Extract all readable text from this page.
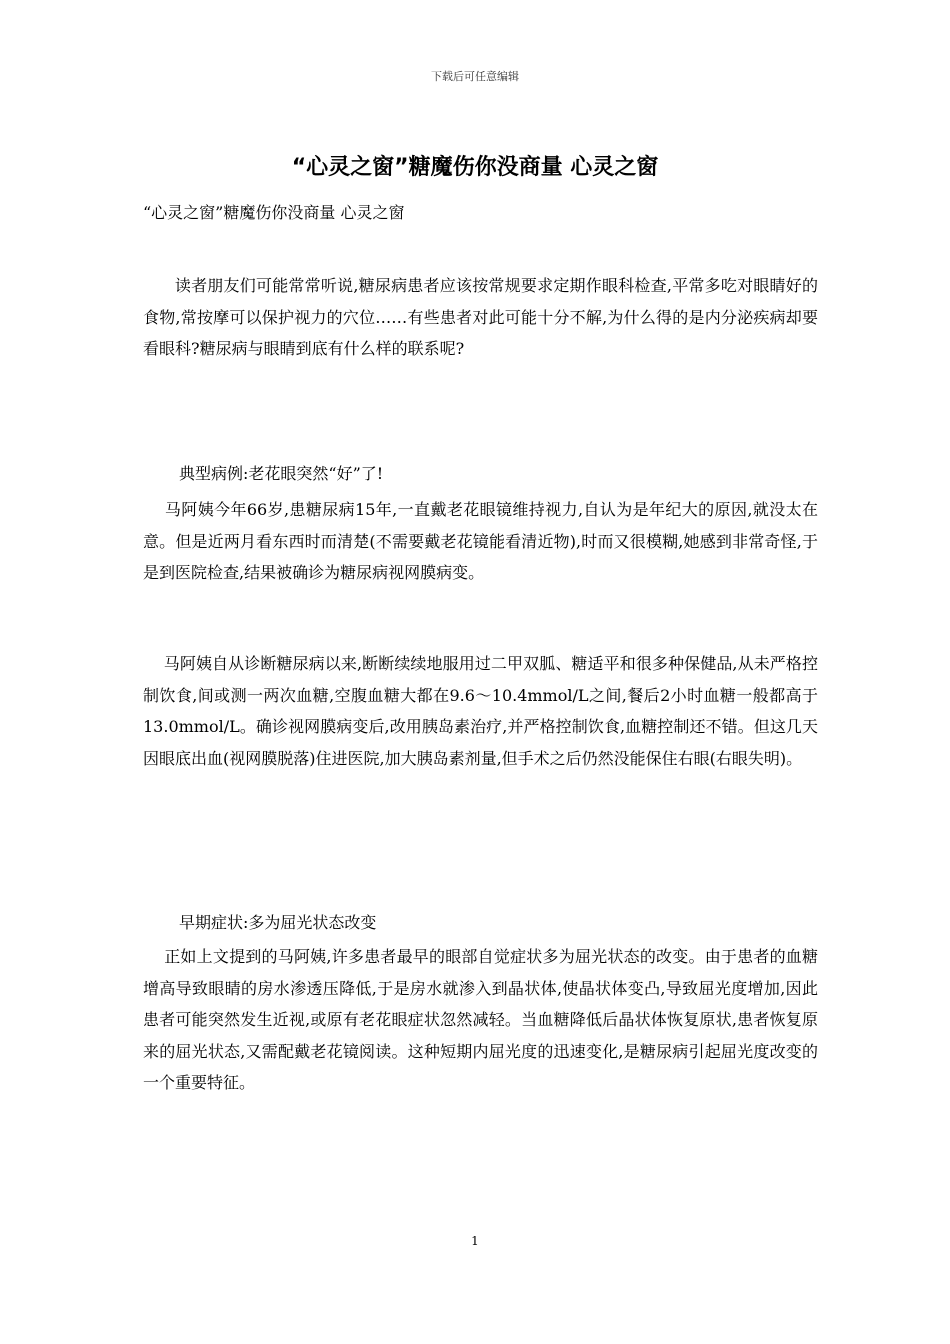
下载后可任意编辑
“心灵之窗”糖魔伤你没商量 心灵之窗
“心灵之窗”糖魔伤你没商量 心灵之窗

读者朋友们可能常常听说,糖尿病患者应该按常规要求定期作眼科检查,平常多吃对眼睛好的食物,常按摩可以保护视力的穴位……有些患者对此可能十分不解,为什么得的是内分泌疾病却要看眼科?糖尿病与眼睛到底有什么样的联系呢?

典型病例:老花眼突然“好”了!

马阿姨今年66岁,患糖尿病15年,一直戴老花眼镜维持视力,自认为是年纪大的原因,就没太在意。但是近两月看东西时而清楚(不需要戴老花镜能看清近物),时而又很模糊,她感到非常奇怪,于是到医院检查,结果被确诊为糖尿病视网膜病变。

马阿姨自从诊断糖尿病以来,断断续续地服用过二甲双胍、糖适平和很多种保健品,从未严格控制饮食,间或测一两次血糖,空腹血糖大都在9.6～10.4mmol/L之间,餐后2小时血糖一般都高于13.0mmol/L。确诊视网膜病变后,改用胰岛素治疗,并严格控制饮食,血糖控制还不错。但这几天因眼底出血(视网膜脱落)住进医院,加大胰岛素剂量,但手术之后仍然没能保住右眼(右眼失明)。

早期症状:多为屈光状态改变

正如上文提到的马阿姨,许多患者最早的眼部自觉症状多为屈光状态的改变。由于患者的血糖增高导致眼睛的房水渗透压降低,于是房水就渗入到晶状体,使晶状体变凸,导致屈光度增加,因此患者可能突然发生近视,或原有老花眼症状忽然减轻。当血糖降低后晶状体恢复原状,患者恢复原来的屈光状态,又需配戴老花镜阅读。这种短期内屈光度的迅速变化,是糖尿病引起屈光度改变的一个重要特征。

1
